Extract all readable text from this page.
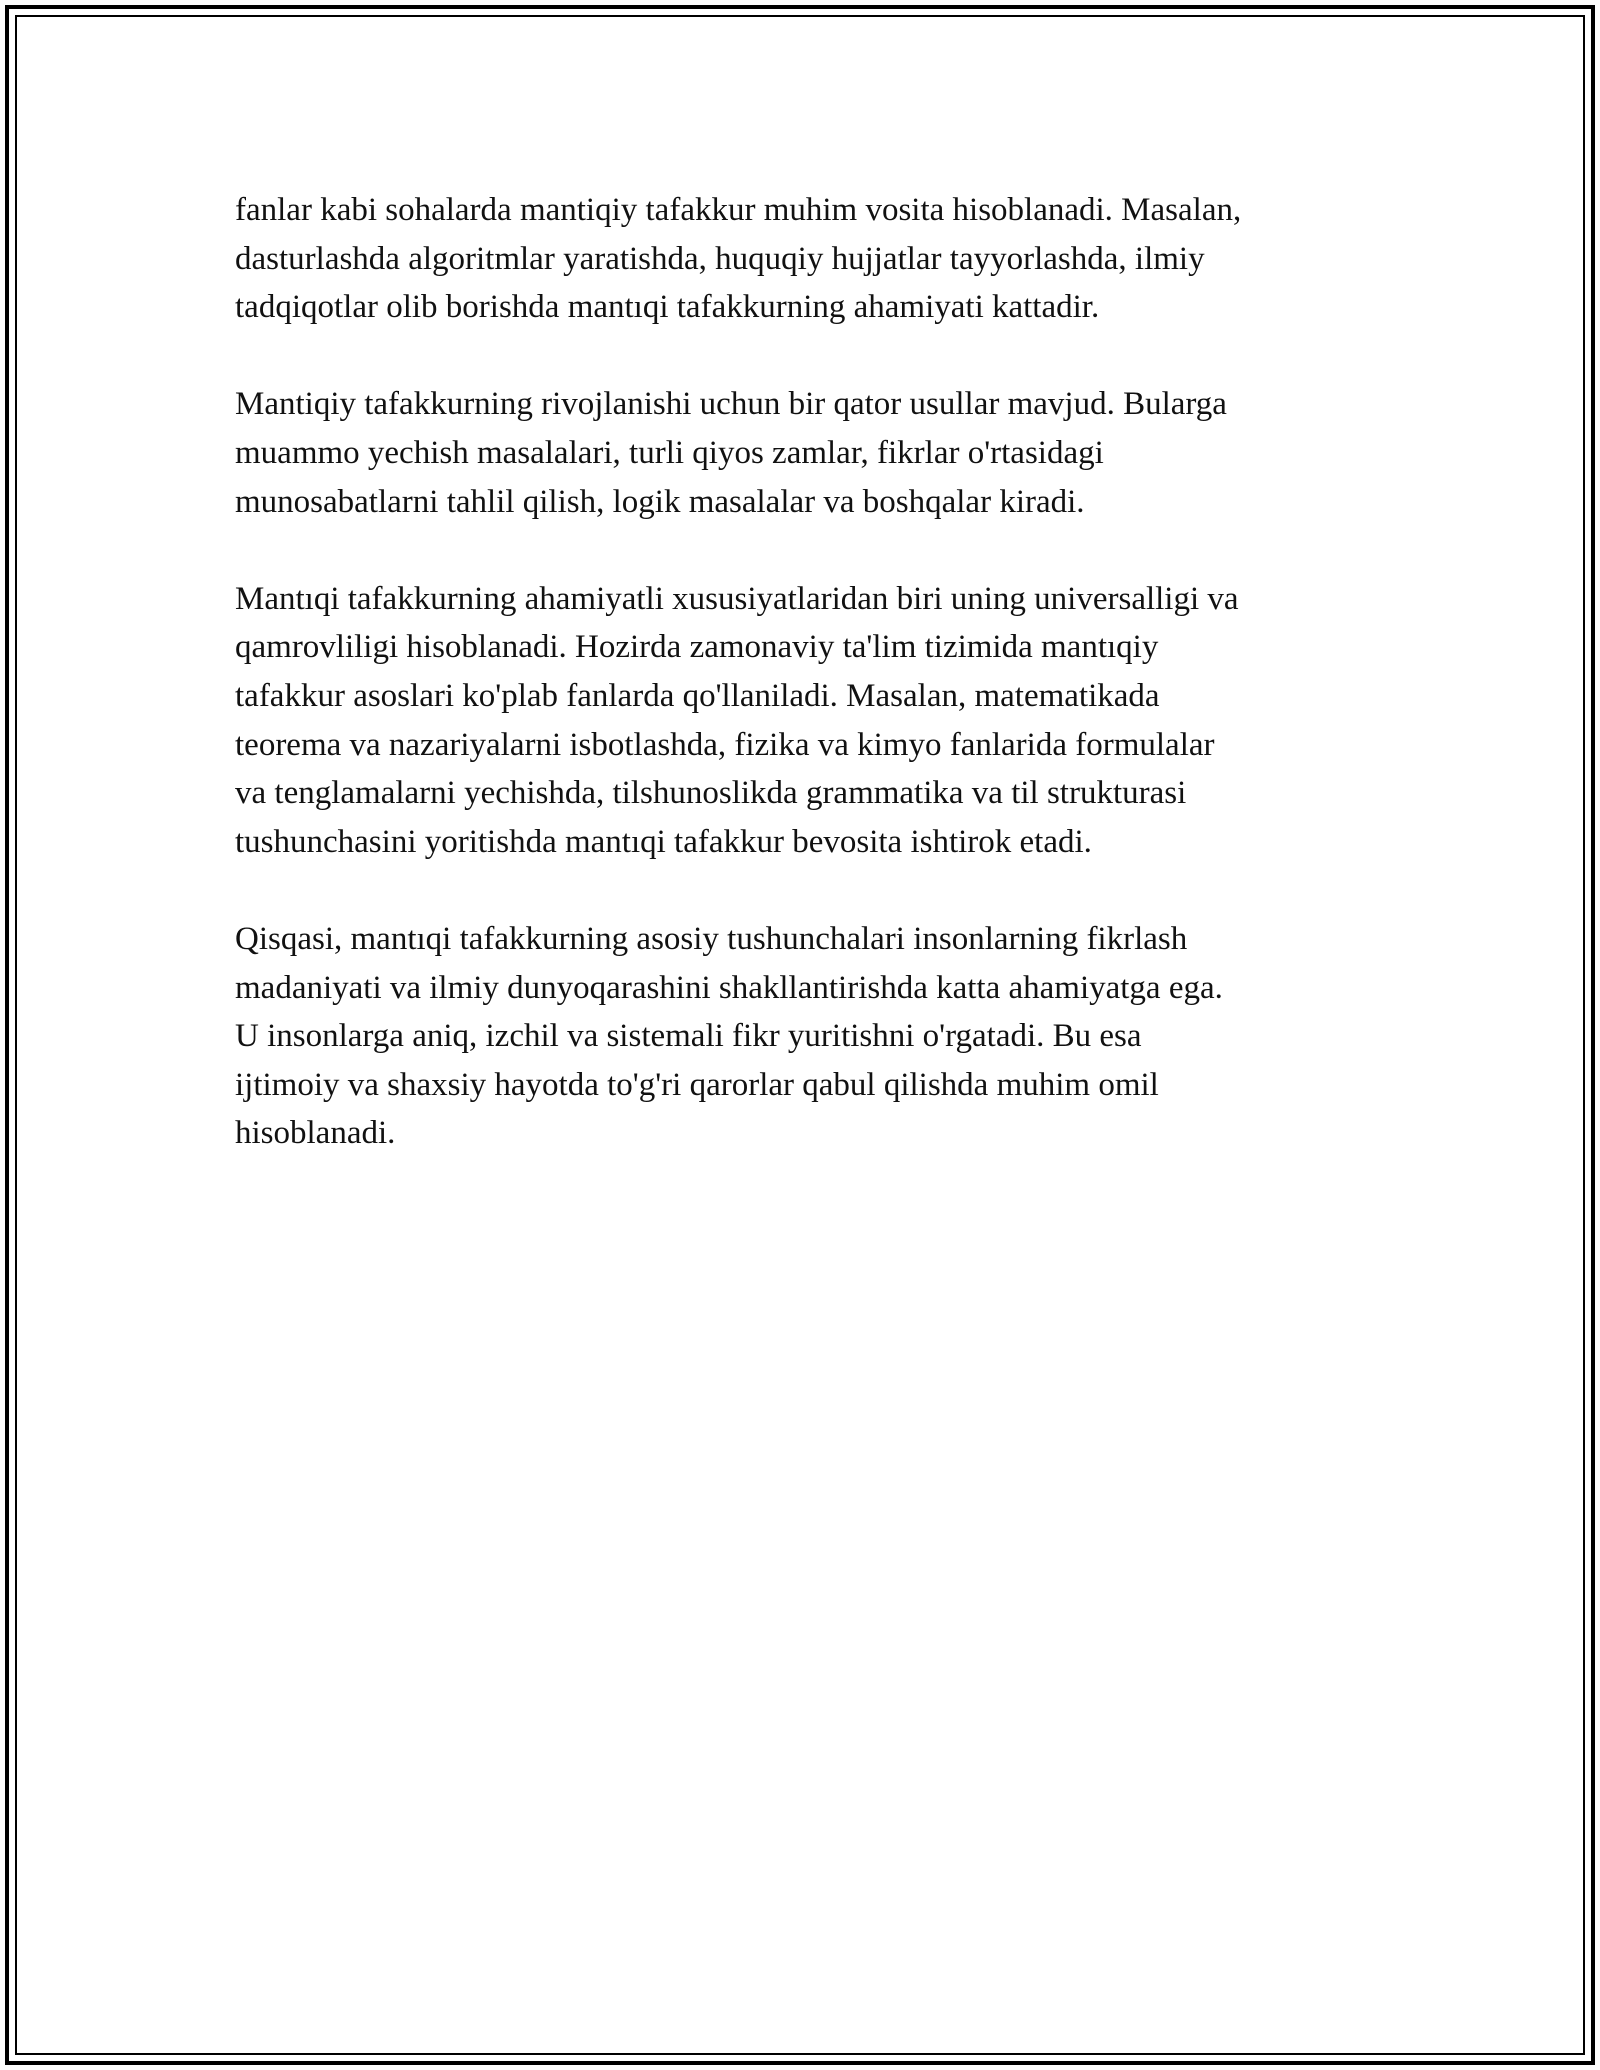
fanlar kabi sohalarda mantiqiy tafakkur muhim vosita hisoblanadi. Masalan,
dasturlashda algoritmlar yaratishda, huquqiy hujjatlar tayyorlashda, ilmiy
tadqiqotlar olib borishda mantıqi tafakkurning ahamiyati kattadir.

Mantiqiy tafakkurning rivojlanishi uchun bir qator usullar mavjud. Bularga
muammo yechish masalalari, turli qiyos zamlar, fikrlar o'rtasidagi
munosabatlarni tahlil qilish, logik masalalar va boshqalar kiradi.

Mantıqi tafakkurning ahamiyatli xususiyatlaridan biri uning universalligi va
qamrovliligi hisoblanadi. Hozirda zamonaviy ta'lim tizimida mantıqiy
tafakkur asoslari ko'plab fanlarda qo'llaniladi. Masalan, matematikada
teorema va nazariyalarni isbotlashda, fizika va kimyo fanlarida formulalar
va tenglamalarni yechishda, tilshunoslikda grammatika va til strukturasi
tushunchasini yoritishda mantıqi tafakkur bevosita ishtirok etadi.

Qisqasi, mantıqi tafakkurning asosiy tushunchalari insonlarning fikrlash
madaniyati va ilmiy dunyoqarashini shakllantirishda katta ahamiyatga ega.
U insonlarga aniq, izchil va sistemali fikr yuritishni o'rgatadi. Bu esa
ijtimoiy va shaxsiy hayotda to'g'ri qarorlar qabul qilishda muhim omil
hisoblanadi.
